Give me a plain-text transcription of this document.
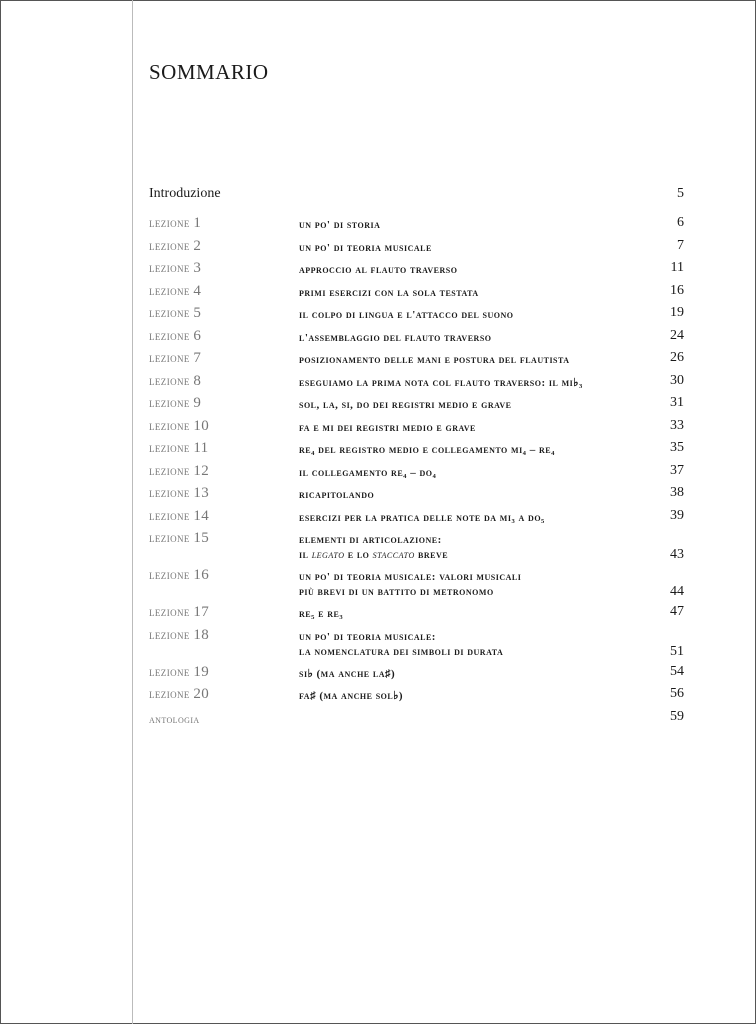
SOMMARIO
Introduzione	5
lezione 1	un po' di storia	6
lezione 2	un po' di teoria musicale	7
lezione 3	approccio al flauto traverso	11
lezione 4	primi esercizi con la sola testata	16
lezione 5	il colpo di lingua e l'attacco del suono	19
lezione 6	l'assemblaggio del flauto traverso	24
lezione 7	posizionamento delle mani e postura del flautista	26
lezione 8	eseguiamo la prima nota col flauto traverso: il mi♭₃	30
lezione 9	sol, la, si, do dei registri medio e grave	31
lezione 10	fa e mi dei registri medio e grave	33
lezione 11	re₄ del registro medio e collegamento mi₄ – re₄	35
lezione 12	il collegamento re₄ – do₄	37
lezione 13	ricapitolando	38
lezione 14	esercizi per la pratica delle note da mi₃ a do₅	39
lezione 15	elementi di articolazione:
il legato e lo staccato breve	43
lezione 16	un po' di teoria musicale: valori musicali
più brevi di un battito di metronomo	44
lezione 17	re₅ e re₃	47
lezione 18	un po' di teoria musicale:
la nomenclatura dei simboli di durata	51
lezione 19	si♭ (ma anche la♯)	54
lezione 20	fa♯ (ma anche sol♭)	56
antologia	59
